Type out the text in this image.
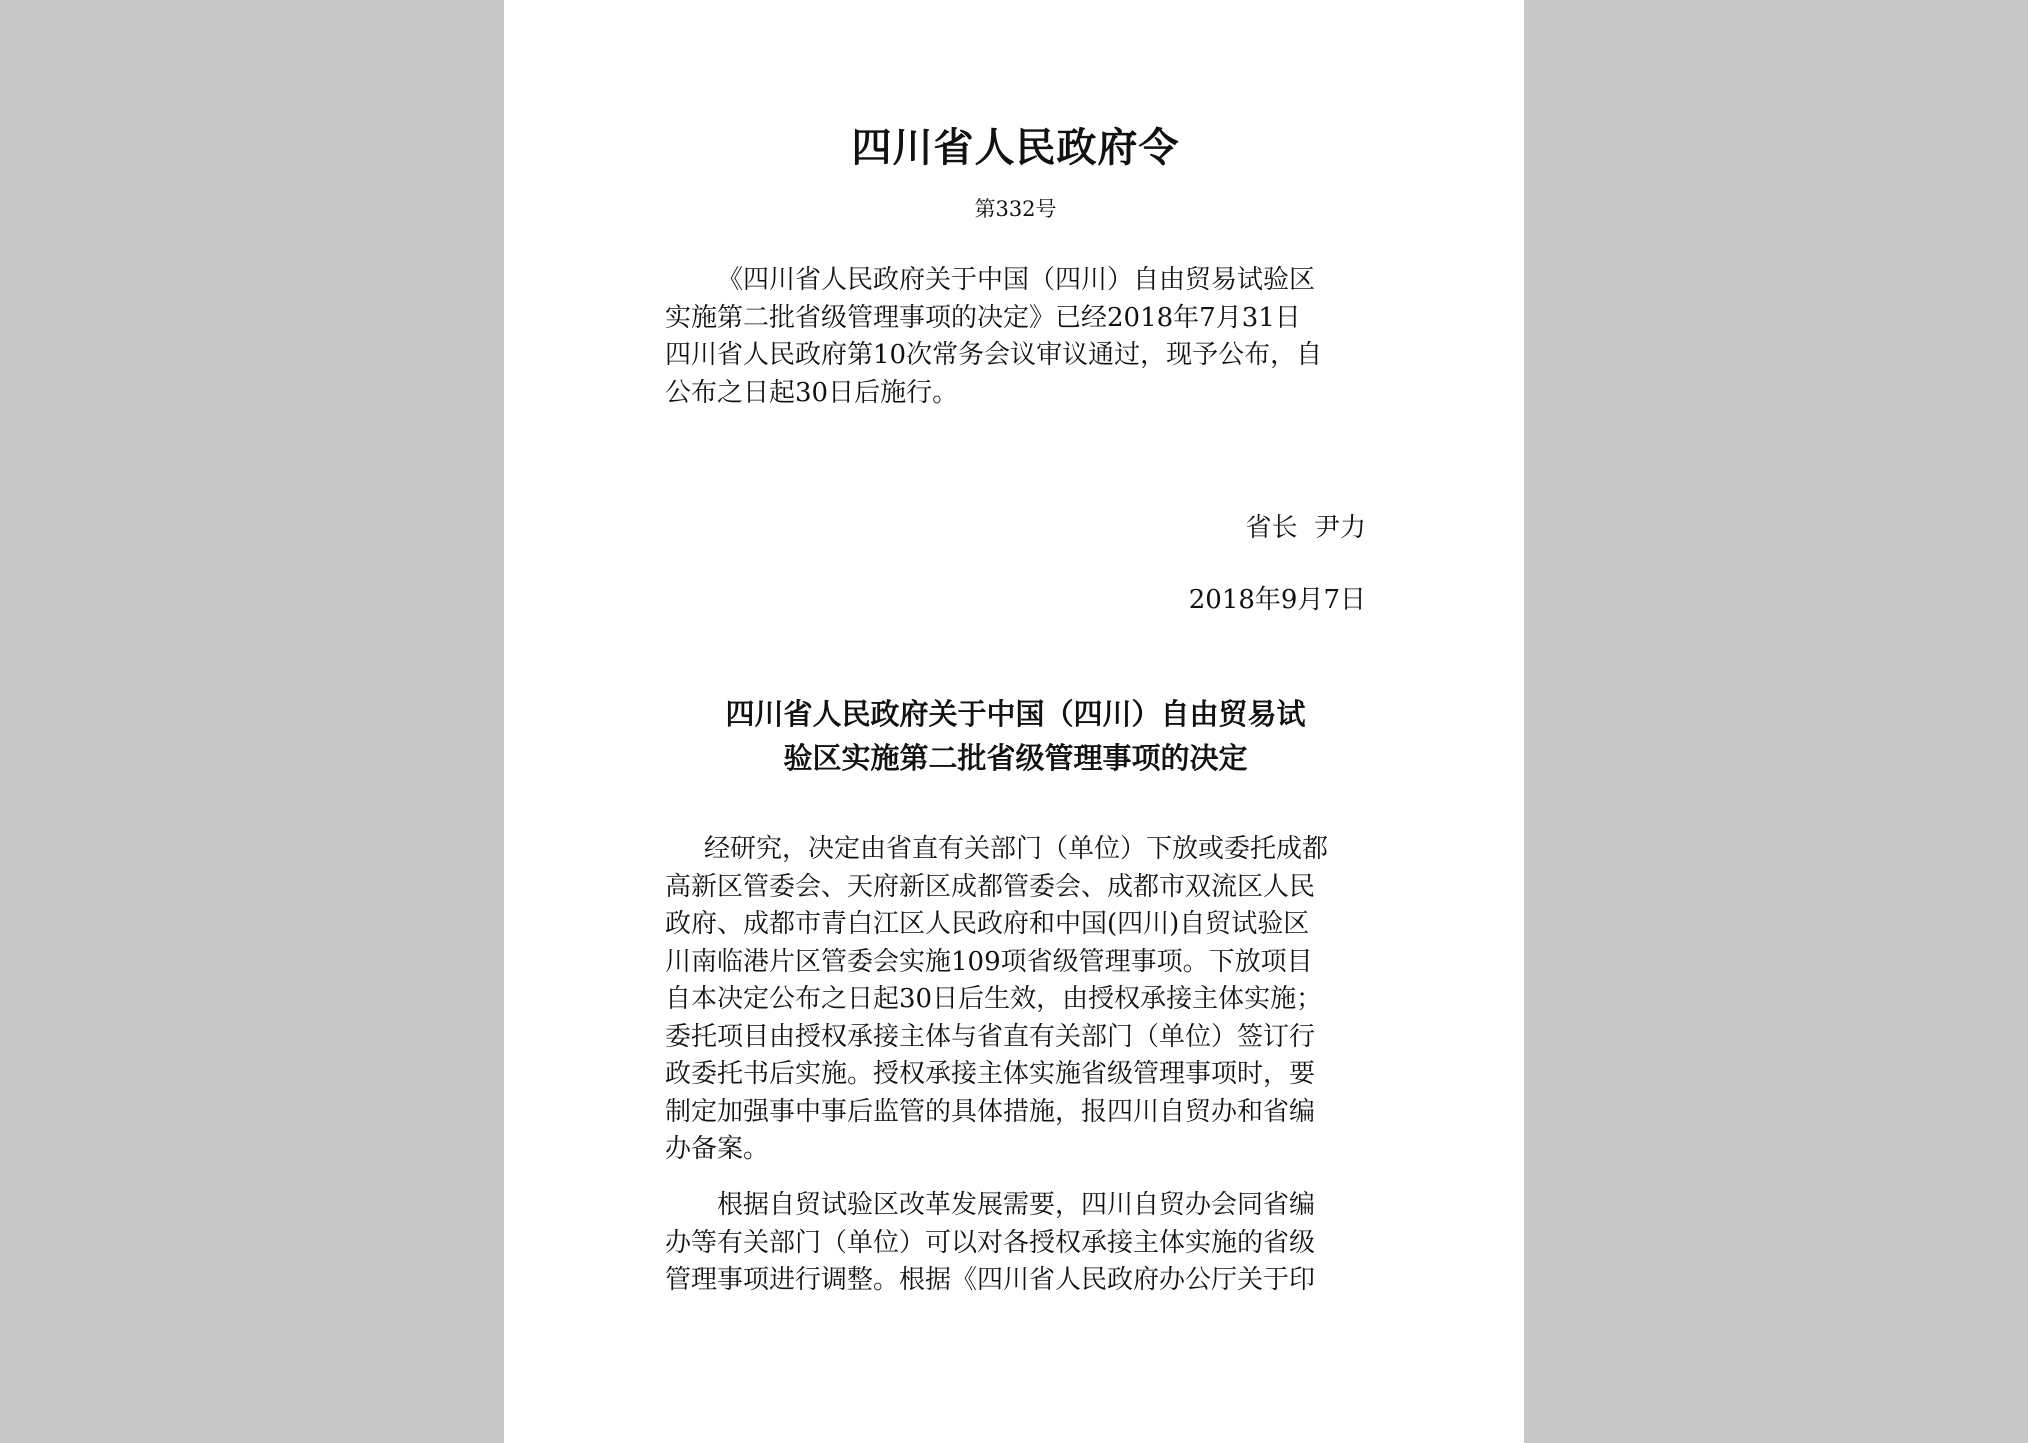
四川省人民政府令
第332号

《四川省人民政府关于中国（四川）自由贸易试验区
实施第二批省级管理事项的决定》已经2018年7月31日
四川省人民政府第10次常务会议审议通过，现予公布，自
公布之日起30日后施行。

省长  尹力
2018年9月7日
四川省人民政府关于中国（四川）自由贸易试
验区实施第二批省级管理事项的决定

经研究，决定由省直有关部门（单位）下放或委托成都
高新区管委会、天府新区成都管委会、成都市双流区人民
政府、成都市青白江区人民政府和中国(四川)自贸试验区
川南临港片区管委会实施109项省级管理事项。下放项目
自本决定公布之日起30日后生效，由授权承接主体实施；
委托项目由授权承接主体与省直有关部门（单位）签订行
政委托书后实施。授权承接主体实施省级管理事项时，要
制定加强事中事后监管的具体措施，报四川自贸办和省编
办备案。

根据自贸试验区改革发展需要，四川自贸办会同省编
办等有关部门（单位）可以对各授权承接主体实施的省级
管理事项进行调整。根据《四川省人民政府办公厅关于印
